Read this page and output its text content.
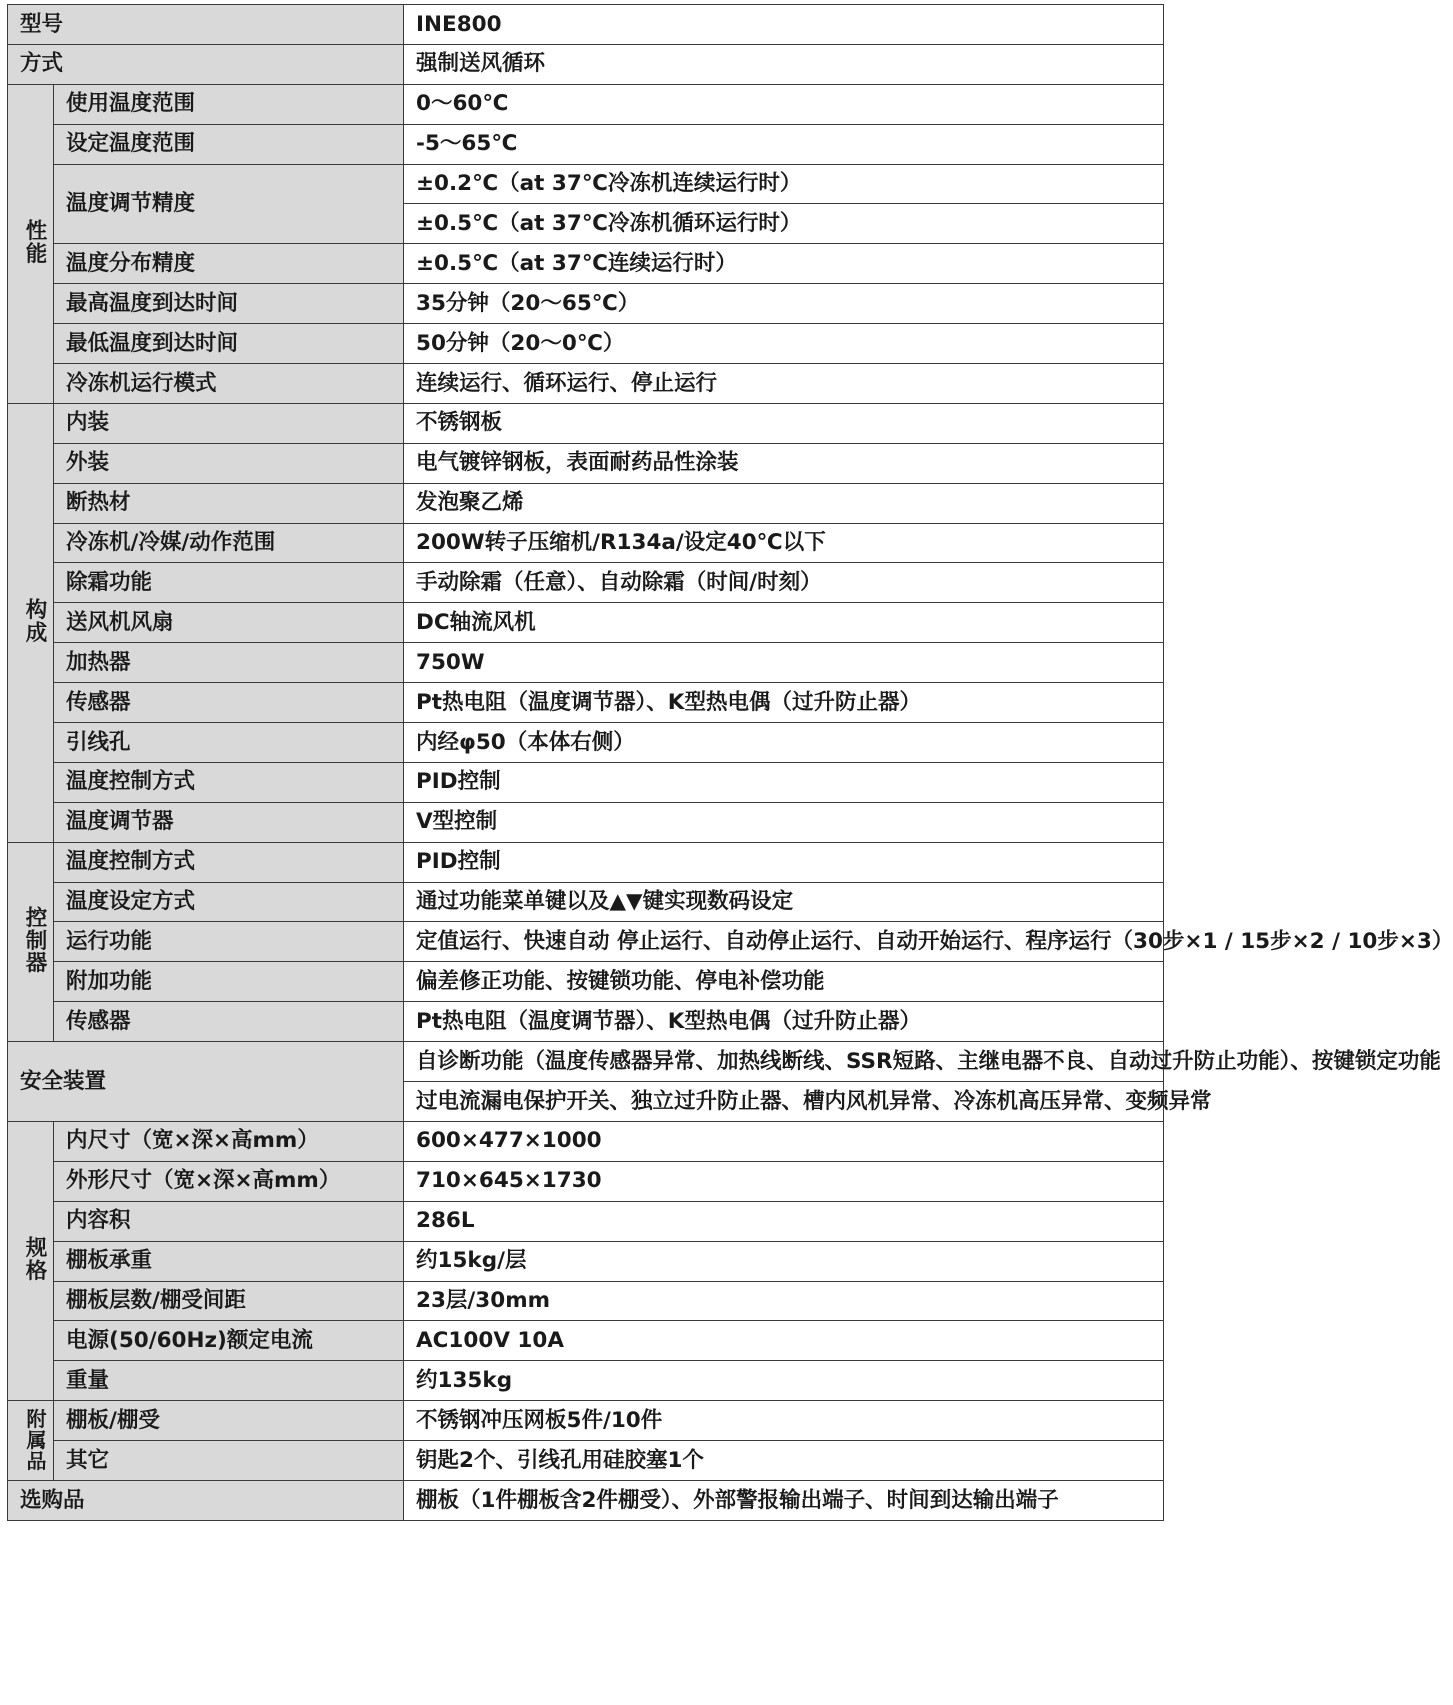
型号		INE800
方式		强制送风循环

性能	使用温度范围	0～60℃
	设定温度范围	-5～65℃
	温度调节精度	±0.2℃（at 37℃冷冻机连续运行时）
		±0.5℃（at 37℃冷冻机循环运行时）
	温度分布精度	±0.5℃（at 37℃连续运行时）
	最高温度到达时间	35分钟（20～65℃）
	最低温度到达时间	50分钟（20～0℃）
	冷冻机运行模式	连续运行、循环运行、停止运行

构成	内装	不锈钢板
	外装	电气镀锌钢板，表面耐药品性涂装
	断热材	发泡聚乙烯
	冷冻机/冷媒/动作范围	200W转子压缩机/R134a/设定40℃以下
	除霜功能	手动除霜（任意）、自动除霜（时间/时刻）
	送风机风扇	DC轴流风机
	加热器	750W
	传感器	Pt热电阻（温度调节器）、K型热电偶（过升防止器）
	引线孔	内经φ50（本体右侧）
	温度控制方式	PID控制
	温度调节器	V型控制

控制器	温度控制方式	PID控制
	温度设定方式	通过功能菜单键以及▲▼键实现数码设定
	运行功能	定值运行、快速自动 停止运行、自动停止运行、自动开始运行、程序运行（30步×1 / 15步×2 / 10步×3）
	附加功能	偏差修正功能、按键锁功能、停电补偿功能
	传感器	Pt热电阻（温度调节器）、K型热电偶（过升防止器）
安全装置		自诊断功能（温度传感器异常、加热线断线、SSR短路、主继电器不良、自动过升防止功能）、按键锁定功能
		过电流漏电保护开关、独立过升防止器、槽内风机异常、冷冻机高压异常、变频异常

规格	内尺寸（宽×深×高mm）	600×477×1000
	外形尺寸（宽×深×高mm）	710×645×1730
	内容积	286L
	棚板承重	约15kg/层
	棚板层数/棚受间距	23层/30mm
	电源(50/60Hz)额定电流	AC100V 10A
	重量	约135kg

附属品	棚板/棚受	不锈钢冲压网板5件/10件
	其它	钥匙2个、引线孔用硅胶塞1个
选购品		棚板（1件棚板含2件棚受）、外部警报输出端子、时间到达输出端子
